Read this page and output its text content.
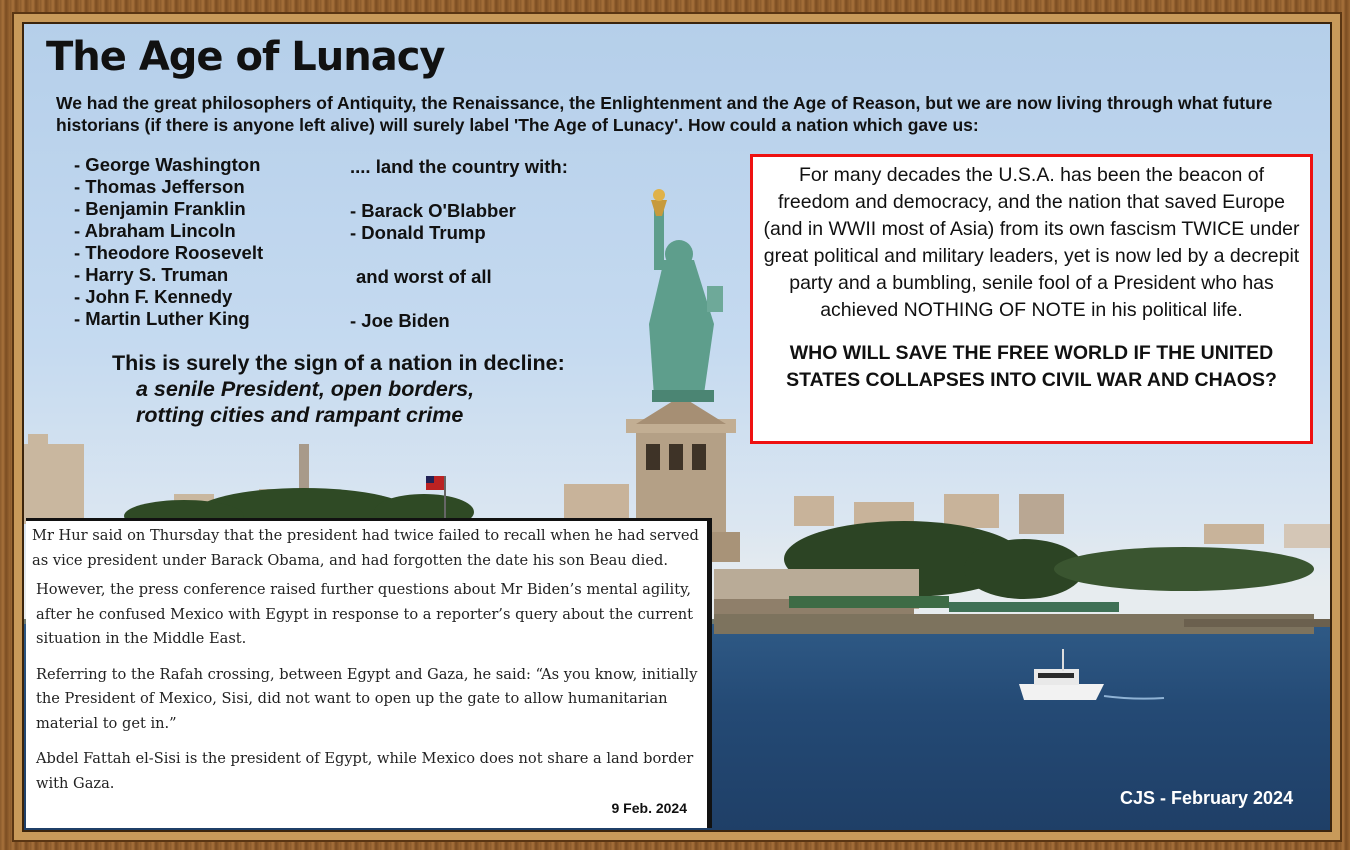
The Age of Lunacy
We had the great philosophers of Antiquity, the Renaissance, the Enlightenment and the Age of Reason, but we are now living through what future historians (if there is anyone left alive) will surely label 'The Age of Lunacy'. How could a nation which gave us:
- George Washington
- Thomas Jefferson
- Benjamin Franklin
- Abraham Lincoln
- Theodore Roosevelt
- Harry S. Truman
- John F. Kennedy
- Martin Luther King
.... land the country with:
- Barack O'Blabber
- Donald Trump
and worst of all
- Joe Biden
This is surely the sign of a nation in decline:
a senile President, open borders,
rotting cities and rampant crime
For many decades the U.S.A. has been the beacon of freedom and democracy, and the nation that saved Europe (and in WWII most of Asia) from its own fascism TWICE under great political and military leaders, yet is now led by a decrepit party and a bumbling, senile fool of a President who has achieved NOTHING OF NOTE in his political life.
WHO WILL SAVE THE FREE WORLD IF THE UNITED STATES COLLAPSES INTO CIVIL WAR AND CHAOS?

Mr Hur said on Thursday that the president had twice failed to recall when he had served as vice president under Barack Obama, and had forgotten the date his son Beau died.

However, the press conference raised further questions about Mr Biden’s mental agility, after he confused Mexico with Egypt in response to a reporter’s query about the current situation in the Middle East.

Referring to the Rafah crossing, between Egypt and Gaza, he said: “As you know, initially the President of Mexico, Sisi, did not want to open up the gate to allow humanitarian material to get in.”

Abdel Fattah el-Sisi is the president of Egypt, while Mexico does not share a land border with Gaza.

9 Feb. 2024	CJS - February 2024
